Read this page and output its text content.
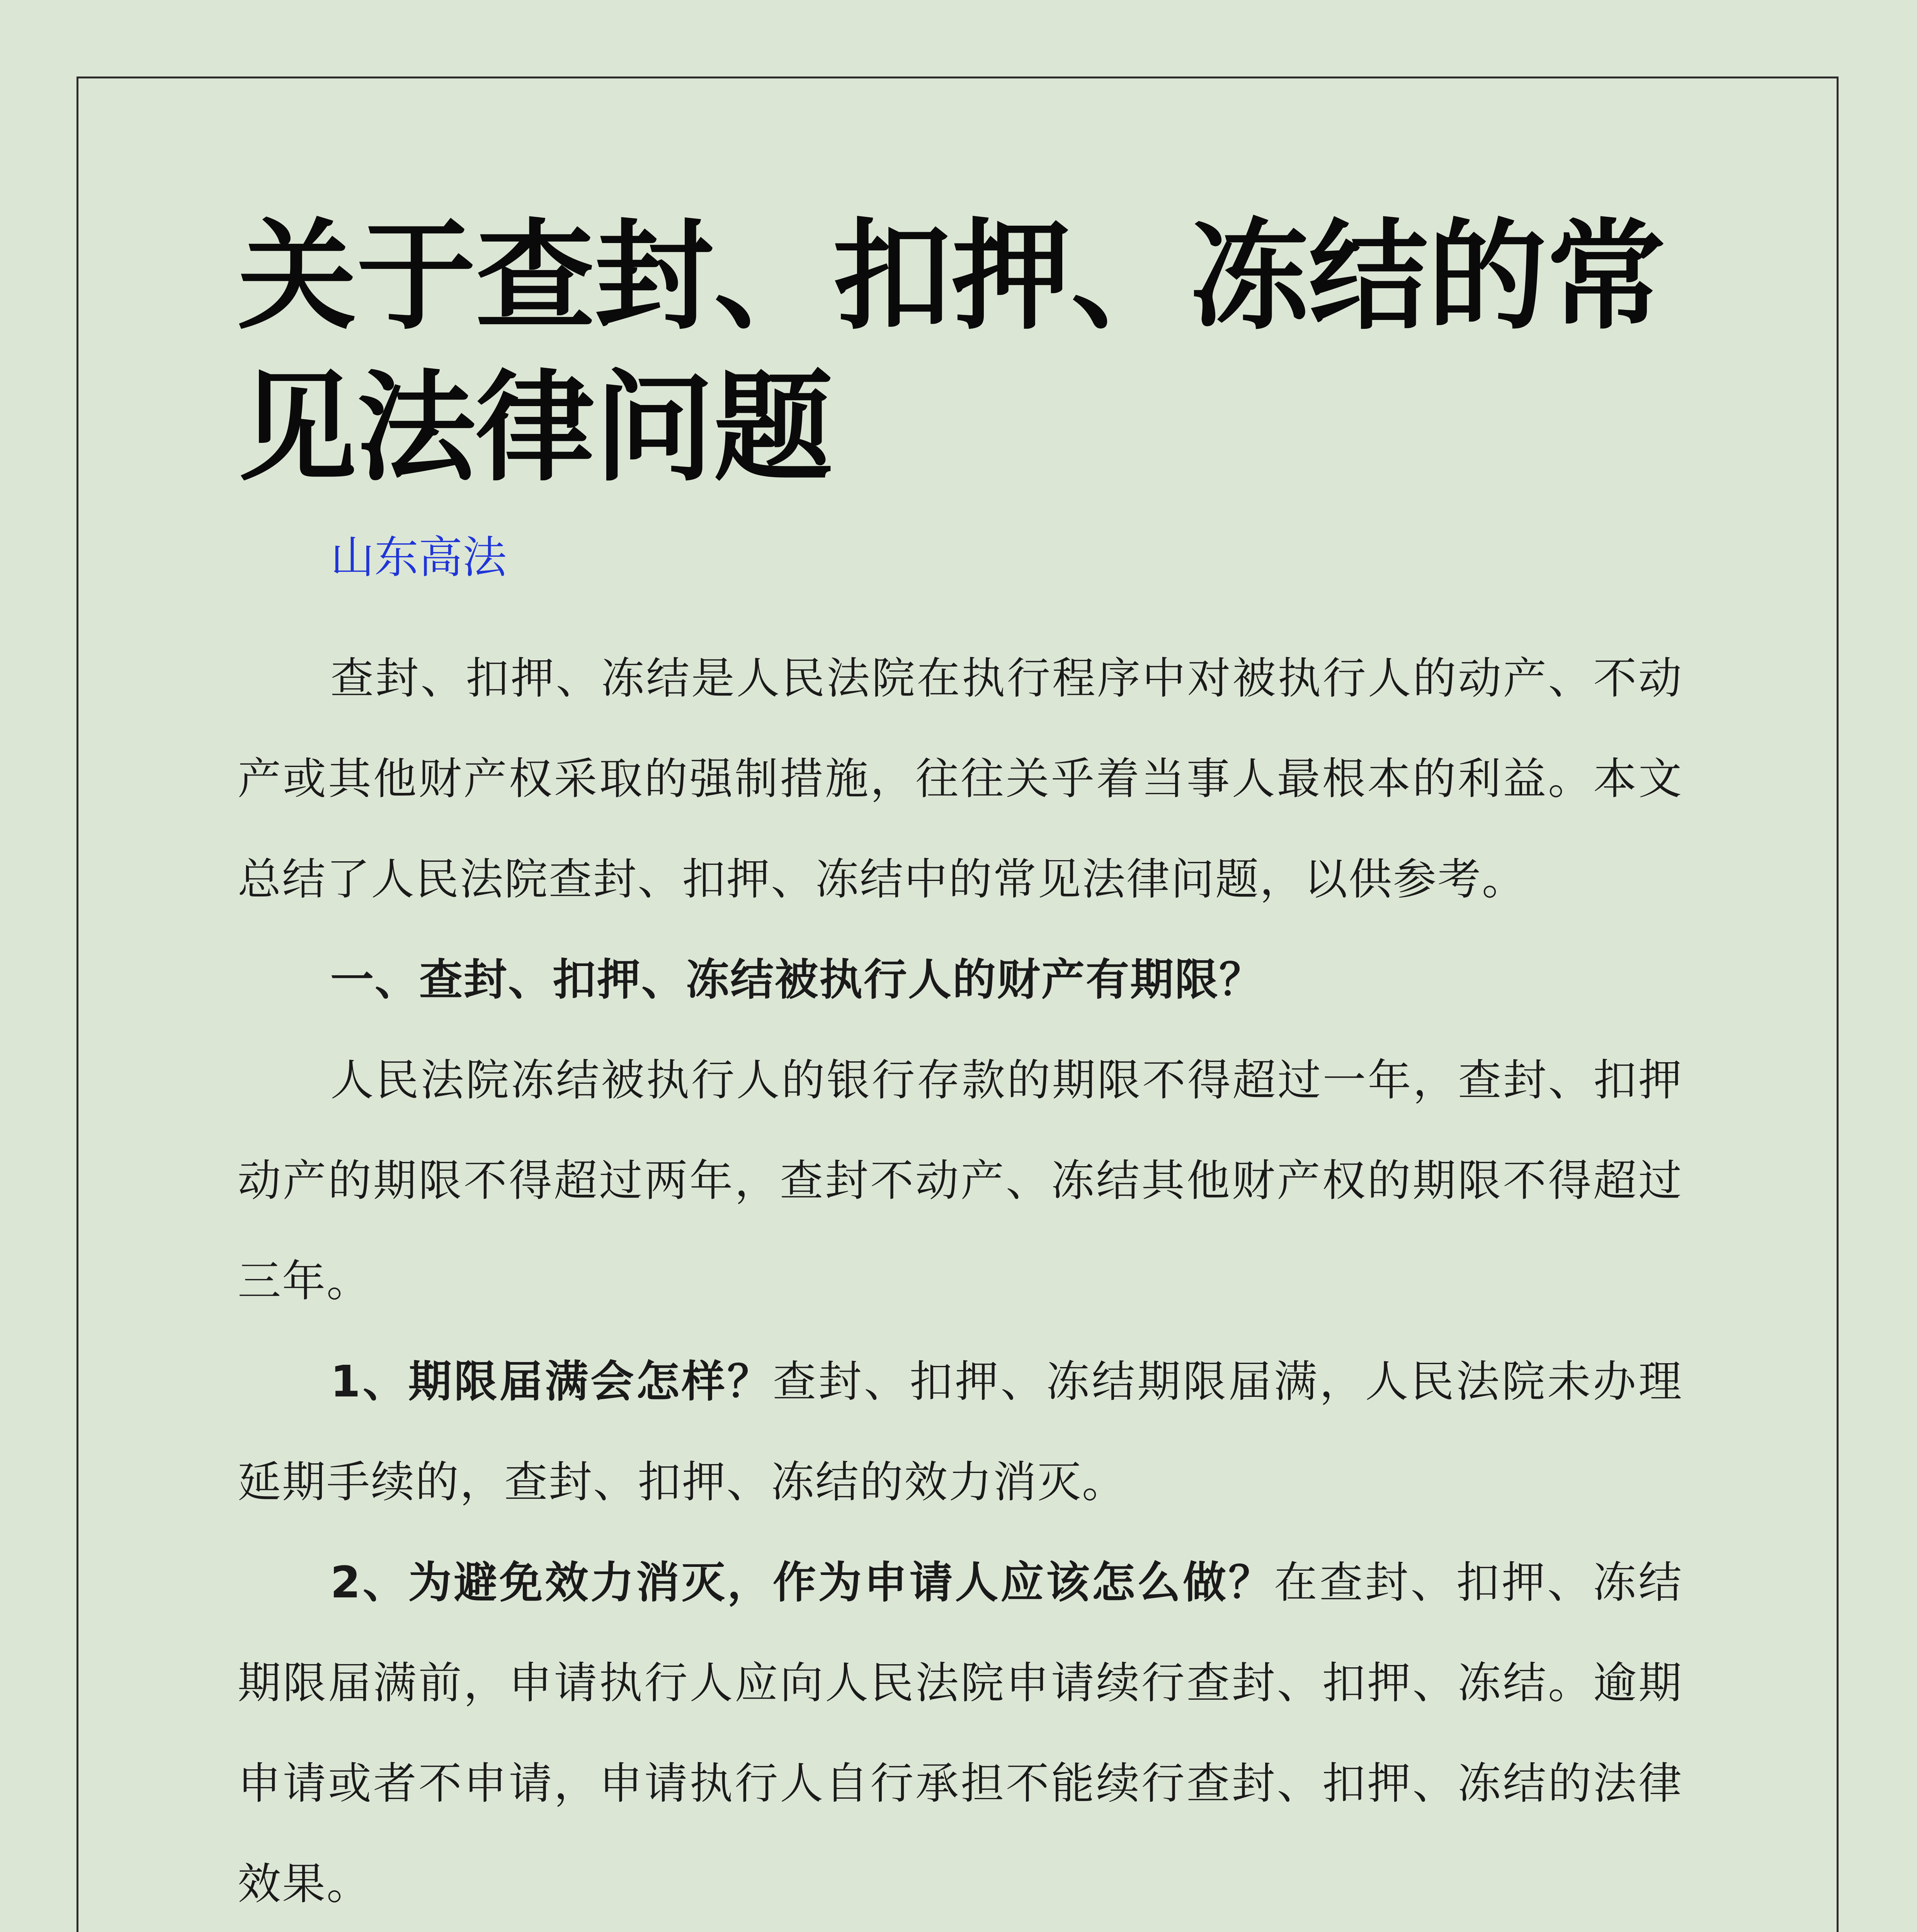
关于查封、扣押、冻结的常见法律问题
山东高法

查封、扣押、冻结是人民法院在执行程序中对被执行人的动产、不动产或其他财产权采取的强制措施，往往关乎着当事人最根本的利益。本文总结了人民法院查封、扣押、冻结中的常见法律问题，以供参考。

一、查封、扣押、冻结被执行人的财产有期限？

人民法院冻结被执行人的银行存款的期限不得超过一年，查封、扣押动产的期限不得超过两年，查封不动产、冻结其他财产权的期限不得超过三年。

1、期限届满会怎样？查封、扣押、冻结期限届满，人民法院未办理延期手续的，查封、扣押、冻结的效力消灭。

2、为避免效力消灭，作为申请人应该怎么做？在查封、扣押、冻结期限届满前，申请执行人应向人民法院申请续行查封、扣押、冻结。逾期申请或者不申请，申请执行人自行承担不能续行查封、扣押、冻结的法律效果。
